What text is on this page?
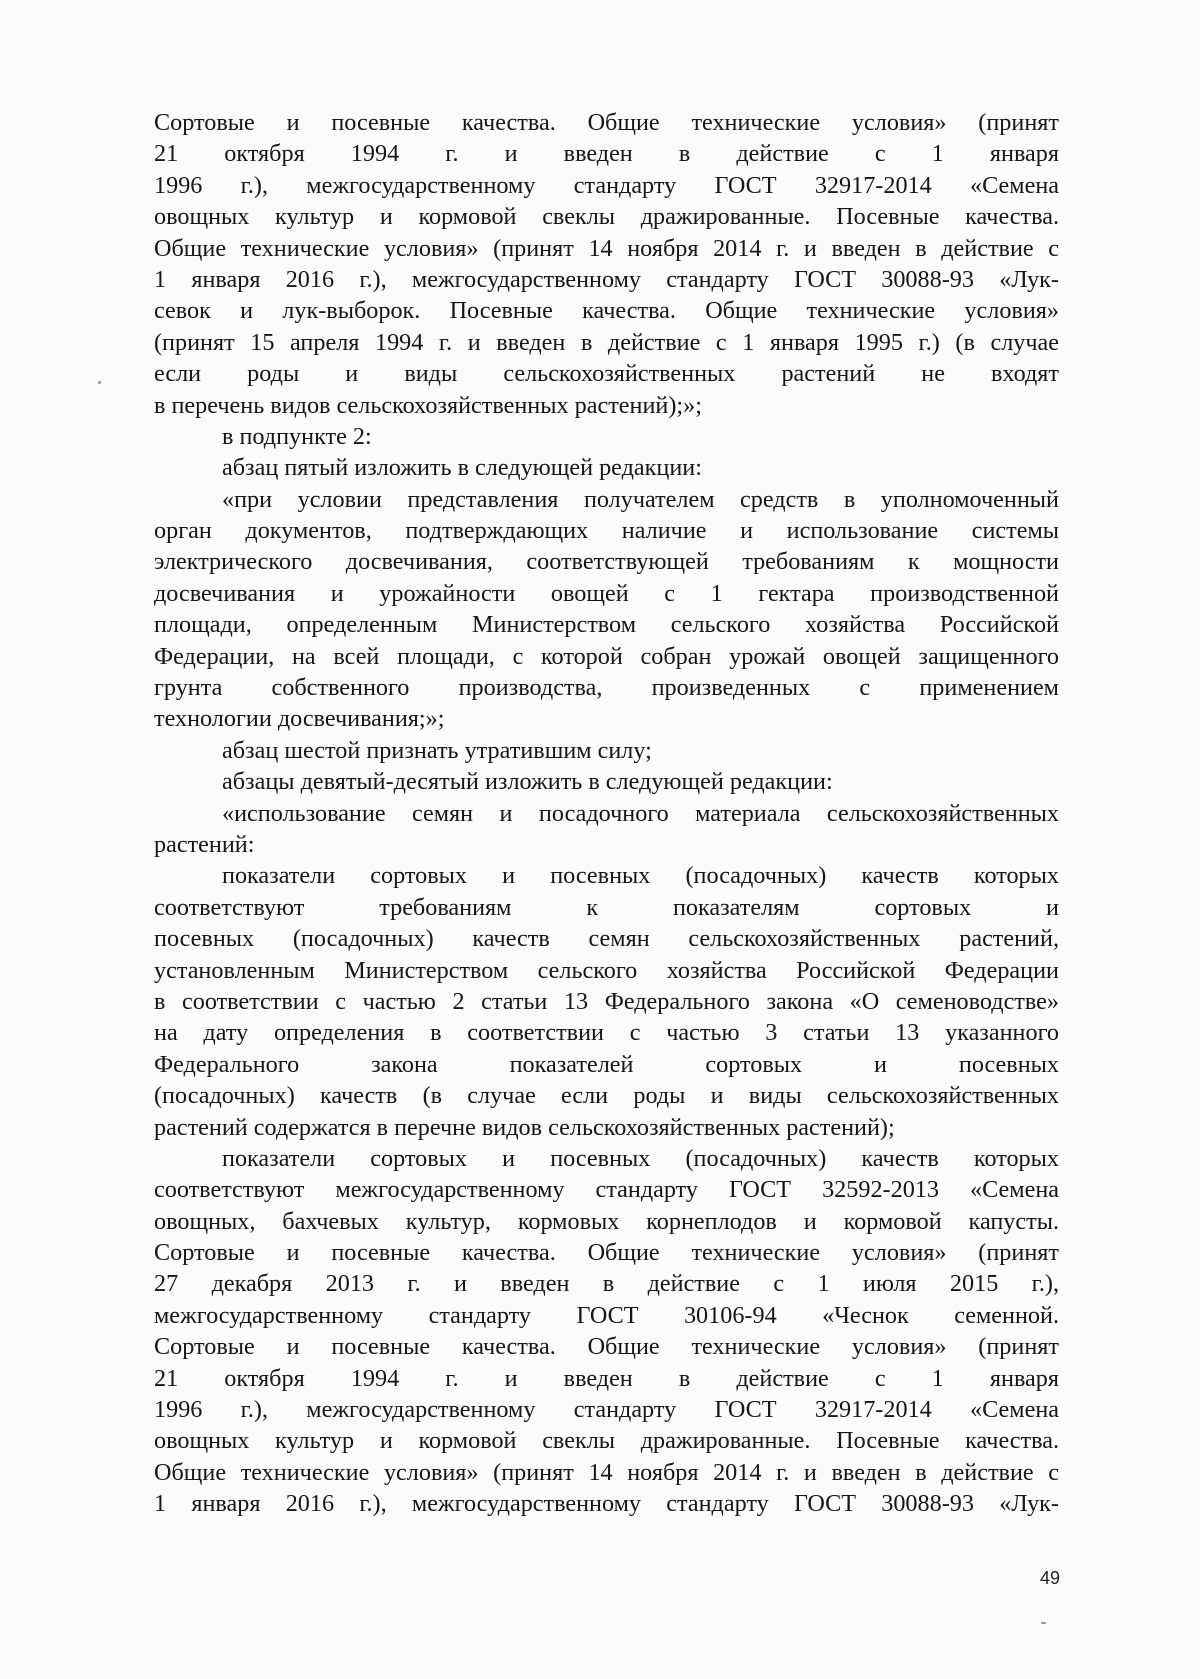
Сортовые и посевные качества. Общие технические условия» (принят
21 октября 1994 г. и введен в действие с 1 января
1996 г.), межгосударственному стандарту ГОСТ 32917-2014 «Семена
овощных культур и кормовой свеклы дражированные. Посевные качества.
Общие технические условия» (принят 14 ноября 2014 г. и введен в действие с
1 января 2016 г.), межгосударственному стандарту ГОСТ 30088-93 «Лук-
севок и лук-выборок. Посевные качества. Общие технические условия»
(принят 15 апреля 1994 г. и введен в действие с 1 января 1995 г.) (в случае
если роды и виды сельскохозяйственных растений не входят
в перечень видов сельскохозяйственных растений);»;
в подпункте 2:
абзац пятый изложить в следующей редакции:
«при условии представления получателем средств в уполномоченный
орган документов, подтверждающих наличие и использование системы
электрического досвечивания, соответствующей требованиям к мощности
досвечивания и урожайности овощей с 1 гектара производственной
площади, определенным Министерством сельского хозяйства Российской
Федерации, на всей площади, с которой собран урожай овощей защищенного
грунта собственного производства, произведенных с применением
технологии досвечивания;»;
абзац шестой признать утратившим силу;
абзацы девятый-десятый изложить в следующей редакции:
«использование семян и посадочного материала сельскохозяйственных
растений:
показатели сортовых и посевных (посадочных) качеств которых
соответствуют требованиям к показателям сортовых и
посевных (посадочных) качеств семян сельскохозяйственных растений,
установленным Министерством сельского хозяйства Российской Федерации
в соответствии с частью 2 статьи 13 Федерального закона «О семеноводстве»
на дату определения в соответствии с частью 3 статьи 13 указанного
Федерального закона показателей сортовых и посевных
(посадочных) качеств (в случае если роды и виды сельскохозяйственных
растений содержатся в перечне видов сельскохозяйственных растений);
показатели сортовых и посевных (посадочных) качеств которых
соответствуют межгосударственному стандарту ГОСТ 32592-2013 «Семена
овощных, бахчевых культур, кормовых корнеплодов и кормовой капусты.
Сортовые и посевные качества. Общие технические условия» (принят
27 декабря 2013 г. и введен в действие с 1 июля 2015 г.),
межгосударственному стандарту ГОСТ 30106-94 «Чеснок семенной.
Сортовые и посевные качества. Общие технические условия» (принят
21 октября 1994 г. и введен в действие с 1 января
1996 г.), межгосударственному стандарту ГОСТ 32917-2014 «Семена
овощных культур и кормовой свеклы дражированные. Посевные качества.
Общие технические условия» (принят 14 ноября 2014 г. и введен в действие с
1 января 2016 г.), межгосударственному стандарту ГОСТ 30088-93 «Лук-
49
